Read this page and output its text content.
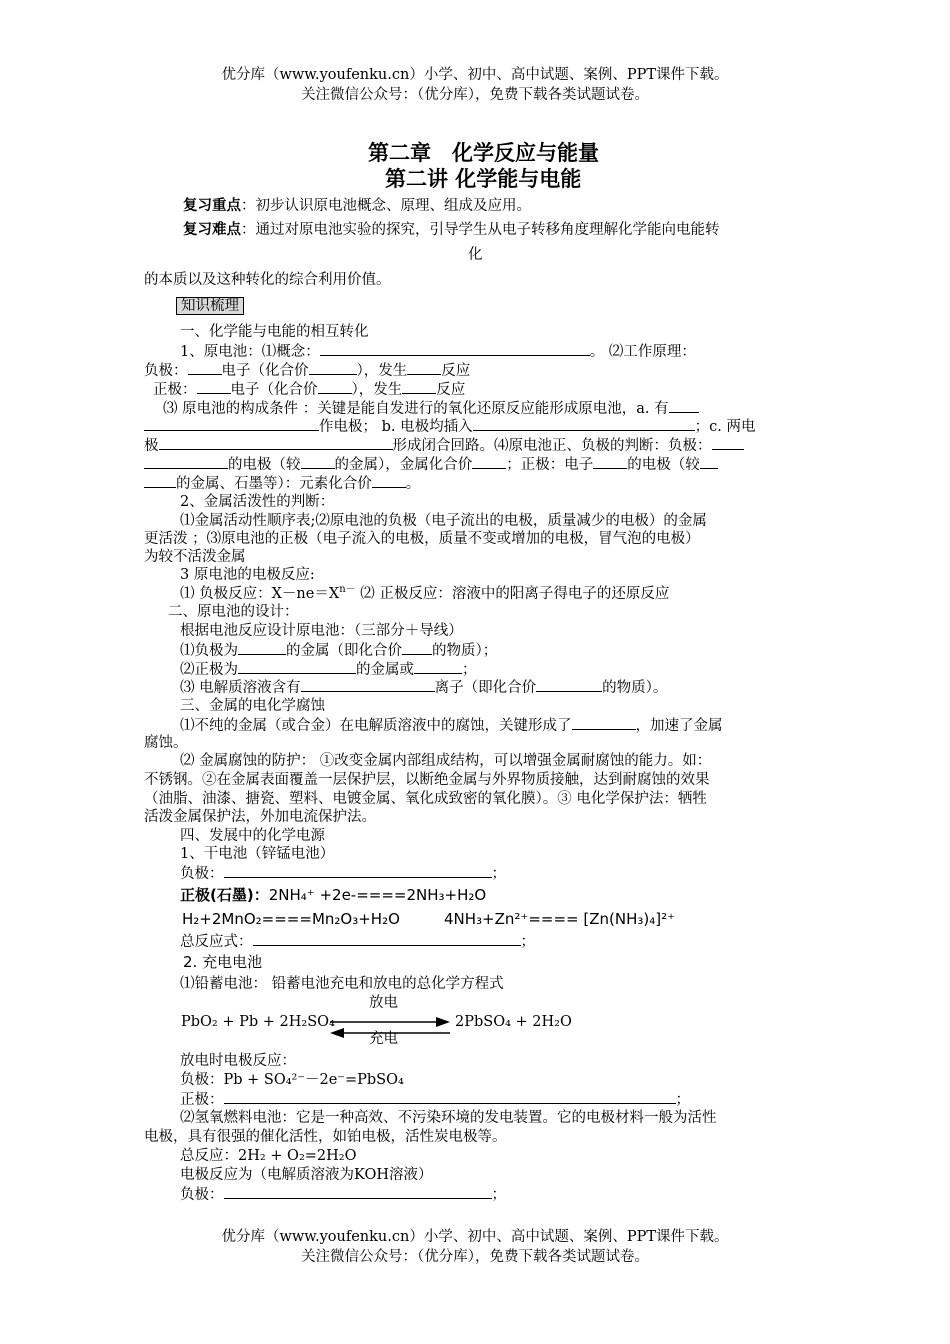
优分库（www.youfenku.cn）小学、初中、高中试题、案例、PPT课件下载。
关注微信公众号：（优分库），免费下载各类试题试卷。
第二章　化学反应与能量
第二讲 化学能与电能
复习重点：初步认识原电池概念、原理、组成及应用。
复习难点：通过对原电池实验的探究，引导学生从电子转移角度理解化学能向电能转
化
的本质以及这种转化的综合利用价值。
知识梳理
一、化学能与电能的相互转化
1、原电池：⑴概念：	。 ⑵工作原理：
负极： 电子（化合价	），发生 反应
正极： 电子（化合价 ），发生 反应
⑶ 原电池的构成条件 ：关键是能自发进行的氧化还原反应能形成原电池，a. 有
作电极； b. 电极均插入	；c. 两电
极	形成闭合回路。⑷原电池正、负极的判断：负极：
的电极（较 的金属），金属化合价 ；正极：电子 的电极（较
的金属、石墨等）：元素化合价 。
2、金属活泼性的判断：
⑴金属活动性顺序表;⑵原电池的负极（电子流出的电极，质量减少的电极）的金属
更活泼 ；⑶原电池的正极（电子流入的电极，质量不变或增加的电极，冒气泡的电极）
为较不活泼金属
3 原电池的电极反应:
⑴ 负极反应：$X-ne=X^{n-}$ ⑵ 正极反应：溶液中的阳离子得电子的还原反应
二、原电池的设计：
根据电池反应设计原电池：（三部分＋导线）
⑴负极为	的金属（即化合价 的物质）；
⑵正极为	的金属或	；
⑶ 电解质溶液含有	离子（即化合价	的物质）。
三、金属的电化学腐蚀
⑴不纯的金属（或合金）在电解质溶液中的腐蚀，关键形成了	，加速了金属
腐蚀。
⑵ 金属腐蚀的防护： ①改变金属内部组成结构，可以增强金属耐腐蚀的能力。如：
不锈钢。②在金属表面覆盖一层保护层，以断绝金属与外界物质接触，达到耐腐蚀的效果
（油脂、油漆、搪瓷、塑料、电镀金属、氧化成致密的氧化膜）。③ 电化学保护法：牺牲
活泼金属保护法，外加电流保护法。
四、发展中的化学电源
1、干电池（锌锰电池）
负极：	；
正极(石墨)：2NH₄⁺ +2e-====2NH₃+H₂O
H₂+2MnO₂====Mn₂O₃+H₂O	4NH₃+Zn²⁺==== [Zn(NH₃)₄]²⁺
总反应式：	；
2. 充电电池
⑴铅蓄电池： 铅蓄电池充电和放电的总化学方程式
PbO₂ + Pb + 2H₂SO₄
放电
充电
2PbSO₄ + 2H₂O
放电时电极反应：
负极：Pb + SO₄²⁻－2e⁻=PbSO₄
正极：	；
⑵氢氧燃料电池：它是一种高效、不污染环境的发电装置。它的电极材料一般为活性
电极，具有很强的催化活性，如铂电极，活性炭电极等。
总反应：2H₂ + O₂=2H₂O
电极反应为（电解质溶液为KOH溶液）
负极：	；
优分库（www.youfenku.cn）小学、初中、高中试题、案例、PPT课件下载。
关注微信公众号：（优分库），免费下载各类试题试卷。
